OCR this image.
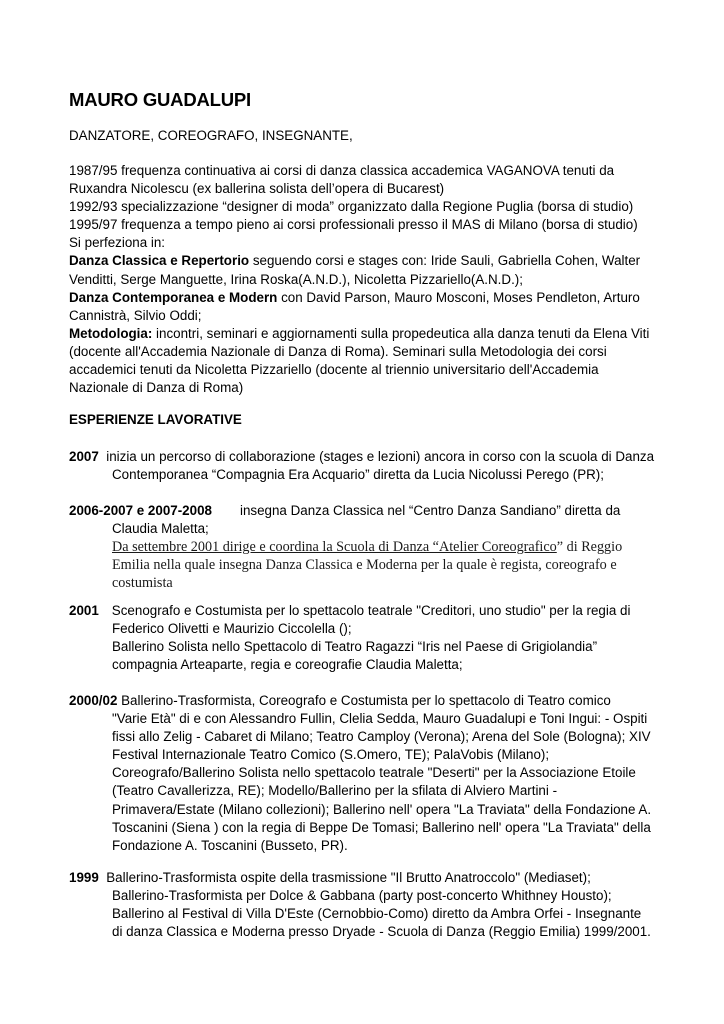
MAURO GUADALUPI

DANZATORE, COREOGRAFO, INSEGNANTE,

1987/95 frequenza continuativa ai corsi di danza classica accademica VAGANOVA tenuti da

Ruxandra Nicolescu (ex ballerina solista dell’opera di Bucarest)

1992/93 specializzazione “designer di moda” organizzato dalla Regione Puglia (borsa di studio)

1995/97 frequenza a tempo pieno ai corsi professionali presso il MAS di Milano (borsa di studio)

Si perfeziona in:

Danza Classica e Repertorio seguendo corsi e stages con: Iride Sauli, Gabriella Cohen, Walter

Venditti, Serge Manguette, Irina Roska(A.N.D.), Nicoletta Pizzariello(A.N.D.);

Danza Contemporanea e Modern con David Parson, Mauro Mosconi, Moses Pendleton, Arturo

Cannistrà, Silvio Oddi;

Metodologia: incontri, seminari e aggiornamenti sulla propedeutica alla danza tenuti da Elena Viti

(docente all'Accademia Nazionale di Danza di Roma). Seminari sulla Metodologia dei corsi

accademici tenuti da Nicoletta Pizzariello (docente al triennio universitario dell'Accademia

Nazionale di Danza di Roma)

ESPERIENZE LAVORATIVE

2007  inizia un percorso di collaborazione (stages e lezioni) ancora in corso con la scuola di Danza
Contemporanea “Compagnia Era Acquario” diretta da Lucia Nicolussi Perego (PR);
2006-2007 e 2007-2008 insegna Danza Classica nel “Centro Danza Sandiano” diretta da
Claudia Maletta;
Da settembre 2001 dirige e coordina la Scuola di Danza “Atelier Coreografico” di Reggio
Emilia nella quale insegna Danza Classica e Moderna per la quale è regista, coreografo e
costumista
2001 Scenografo e Costumista per lo spettacolo teatrale "Creditori, uno studio" per la regia di
Federico Olivetti e Maurizio Ciccolella ();
Ballerino Solista nello Spettacolo di Teatro Ragazzi “Iris nel Paese di Grigiolandia”
compagnia Arteaparte, regia e coreografie Claudia Maletta;
2000/02 Ballerino-Trasformista, Coreografo e Costumista per lo spettacolo di Teatro comico
"Varie Età" di e con Alessandro Fullin, Clelia Sedda, Mauro Guadalupi e Toni Ingui: - Ospiti
fissi allo Zelig - Cabaret di Milano; Teatro Camploy (Verona); Arena del Sole (Bologna); XIV
Festival Internazionale Teatro Comico (S.Omero, TE); PalaVobis (Milano);
Coreografo/Ballerino Solista nello spettacolo teatrale "Deserti" per la Associazione Etoile
(Teatro Cavallerizza, RE); Modello/Ballerino per la sfilata di Alviero Martini -
Primavera/Estate (Milano collezioni); Ballerino nell' opera "La Traviata" della Fondazione A.
Toscanini (Siena ) con la regia di Beppe De Tomasi; Ballerino nell' opera "La Traviata" della
Fondazione A. Toscanini (Busseto, PR).
1999  Ballerino-Trasformista ospite della trasmissione "Il Brutto Anatroccolo" (Mediaset);
Ballerino-Trasformista per Dolce & Gabbana (party post-concerto Whithney Housto);
Ballerino al Festival di Villa D'Este (Cernobbio-Como) diretto da Ambra Orfei - Insegnante
di danza Classica e Moderna presso Dryade - Scuola di Danza (Reggio Emilia) 1999/2001.
